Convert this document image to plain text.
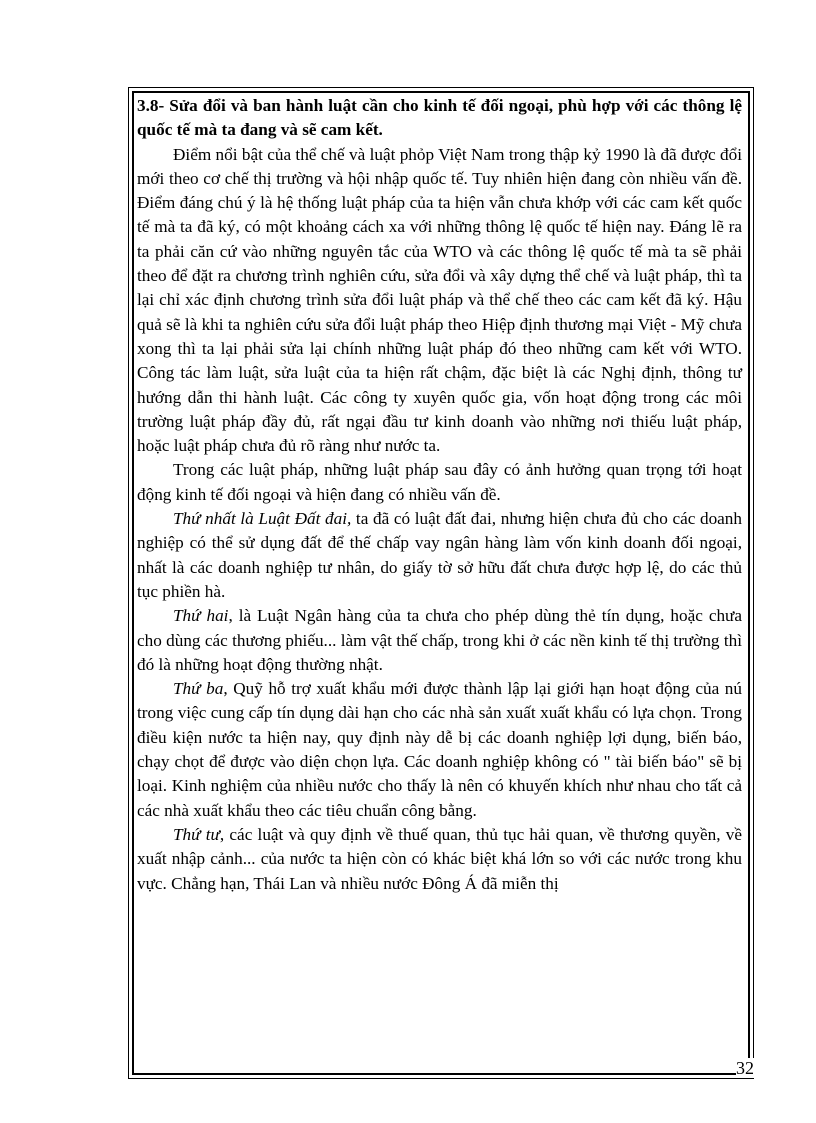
3.8- Sửa đổi và ban hành luật cần cho kinh tế đối ngoại, phù hợp với các thông lệ quốc tế mà ta đang và sẽ cam kết.

Điểm nổi bật của thể chế và luật phỏp Việt Nam trong thập kỷ 1990 là đã được đổi mới theo cơ chế thị trường và hội nhập quốc tế. Tuy nhiên hiện đang còn nhiều vấn đề. Điểm đáng chú ý là hệ thống luật pháp của ta hiện vẫn chưa khớp với các cam kết quốc tế mà ta đã ký, có một khoảng cách xa với những thông lệ quốc tế hiện nay. Đáng lẽ ra ta phải căn cứ vào những nguyên tắc của WTO và các thông lệ quốc tế mà ta sẽ phải theo để đặt ra chương trình nghiên cứu, sửa đổi và xây dựng thể chế và luật pháp, thì ta lại chỉ xác định chương trình sửa đổi luật pháp và thể chế theo các cam kết đã ký. Hậu quả sẽ là khi ta nghiên cứu sửa đổi luật pháp theo Hiệp định thương mại Việt - Mỹ chưa xong thì ta lại phải sửa lại chính những luật pháp đó theo những cam kết với WTO. Công tác làm luật, sửa luật của ta hiện rất chậm, đặc biệt là các Nghị định, thông tư hướng dẫn thi hành luật. Các công ty xuyên quốc gia, vốn hoạt động trong các môi trường luật pháp đầy đủ, rất ngại đầu tư kinh doanh vào những nơi thiếu luật pháp, hoặc luật pháp chưa đủ rõ ràng như nước ta.

Trong các luật pháp, những luật pháp sau đây có ảnh hưởng quan trọng tới hoạt động kinh tế đối ngoại và hiện đang có nhiều vấn đề.

Thứ nhất là Luật Đất đai, ta đã có luật đất đai, nhưng hiện chưa đủ cho các doanh nghiệp có thể sử dụng đất để thế chấp vay ngân hàng làm vốn kinh doanh đối ngoại, nhất là các doanh nghiệp tư nhân, do giấy tờ sở hữu đất chưa được hợp lệ, do các thủ tục phiền hà.

Thứ hai, là Luật Ngân hàng của ta chưa cho phép dùng thẻ tín dụng, hoặc chưa cho dùng các thương phiếu... làm vật thế chấp, trong khi ở các nền kinh tế thị trường thì đó là những hoạt động thường nhật.

Thứ ba, Quỹ hỗ trợ xuất khẩu mới được thành lập lại giới hạn hoạt động của nú trong việc cung cấp tín dụng dài hạn cho các nhà sản xuất xuất khẩu có lựa chọn. Trong điều kiện nước ta hiện nay, quy định này dễ bị các doanh nghiệp lợi dụng, biến báo, chạy chọt để được vào diện chọn lựa. Các doanh nghiệp không có " tài biến báo" sẽ bị loại. Kinh nghiệm của nhiều nước cho thấy là nên có khuyến khích như nhau cho tất cả các nhà xuất khẩu theo các tiêu chuẩn công bằng.

Thứ tư, các luật và quy định về thuế quan, thủ tục hải quan, về thương quyền, về xuất nhập cảnh... của nước ta hiện còn có khác biệt khá lớn so với các nước trong khu vực. Chẳng hạn, Thái Lan và nhiều nước Đông Á đã miễn thị

32
